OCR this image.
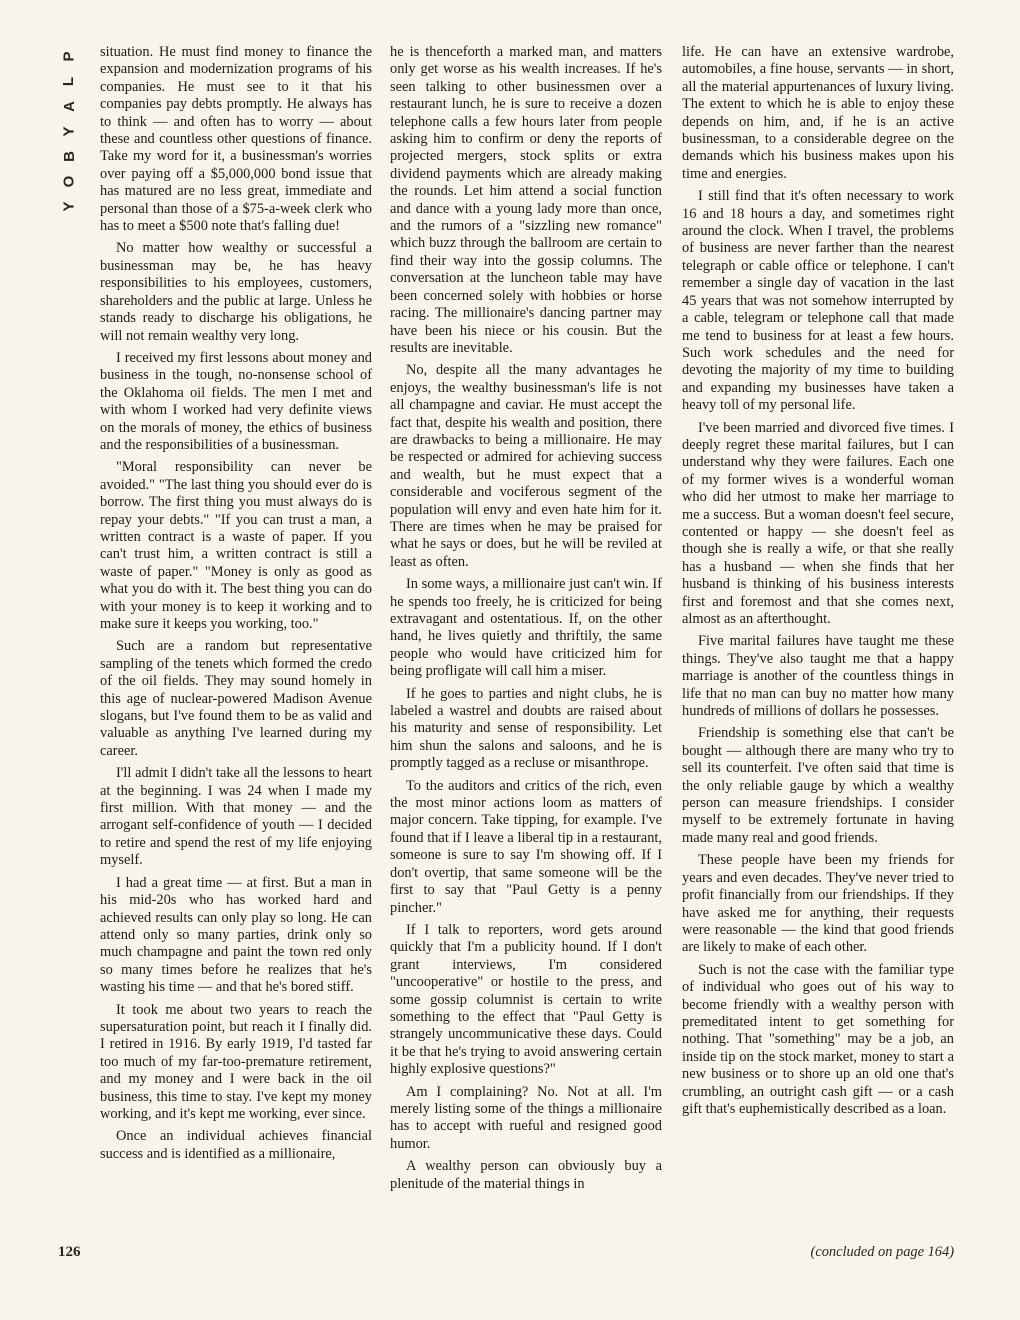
P
L
A
Y
B
O
Y

situation. He must find money to finance the expansion and modernization programs of his companies. He must see to it that his companies pay debts promptly. He always has to think — and often has to worry — about these and countless other questions of finance. Take my word for it, a businessman's worries over paying off a $5,000,000 bond issue that has matured are no less great, immediate and personal than those of a $75-a-week clerk who has to meet a $500 note that's falling due!

No matter how wealthy or successful a businessman may be, he has heavy responsibilities to his employees, customers, shareholders and the public at large. Unless he stands ready to discharge his obligations, he will not remain wealthy very long.

I received my first lessons about money and business in the tough, no-nonsense school of the Oklahoma oil fields. The men I met and with whom I worked had very definite views on the morals of money, the ethics of business and the responsibilities of a businessman.

"Moral responsibility can never be avoided." "The last thing you should ever do is borrow. The first thing you must always do is repay your debts." "If you can trust a man, a written contract is a waste of paper. If you can't trust him, a written contract is still a waste of paper." "Money is only as good as what you do with it. The best thing you can do with your money is to keep it working and to make sure it keeps you working, too."

Such are a random but representative sampling of the tenets which formed the credo of the oil fields. They may sound homely in this age of nuclear-powered Madison Avenue slogans, but I've found them to be as valid and valuable as anything I've learned during my career.

I'll admit I didn't take all the lessons to heart at the beginning. I was 24 when I made my first million. With that money — and the arrogant self-confidence of youth — I decided to retire and spend the rest of my life enjoying myself.

I had a great time — at first. But a man in his mid-20s who has worked hard and achieved results can only play so long. He can attend only so many parties, drink only so much champagne and paint the town red only so many times before he realizes that he's wasting his time — and that he's bored stiff.

It took me about two years to reach the supersaturation point, but reach it I finally did. I retired in 1916. By early 1919, I'd tasted far too much of my far-too-premature retirement, and my money and I were back in the oil business, this time to stay. I've kept my money working, and it's kept me working, ever since.

Once an individual achieves financial success and is identified as a millionaire,

he is thenceforth a marked man, and matters only get worse as his wealth increases. If he's seen talking to other businessmen over a restaurant lunch, he is sure to receive a dozen telephone calls a few hours later from people asking him to confirm or deny the reports of projected mergers, stock splits or extra dividend payments which are already making the rounds. Let him attend a social function and dance with a young lady more than once, and the rumors of a "sizzling new romance" which buzz through the ballroom are certain to find their way into the gossip columns. The conversation at the luncheon table may have been concerned solely with hobbies or horse racing. The millionaire's dancing partner may have been his niece or his cousin. But the results are inevitable.

No, despite all the many advantages he enjoys, the wealthy businessman's life is not all champagne and caviar. He must accept the fact that, despite his wealth and position, there are drawbacks to being a millionaire. He may be respected or admired for achieving success and wealth, but he must expect that a considerable and vociferous segment of the population will envy and even hate him for it. There are times when he may be praised for what he says or does, but he will be reviled at least as often.

In some ways, a millionaire just can't win. If he spends too freely, he is criticized for being extravagant and ostentatious. If, on the other hand, he lives quietly and thriftily, the same people who would have criticized him for being profligate will call him a miser.

If he goes to parties and night clubs, he is labeled a wastrel and doubts are raised about his maturity and sense of responsibility. Let him shun the salons and saloons, and he is promptly tagged as a recluse or misanthrope.

To the auditors and critics of the rich, even the most minor actions loom as matters of major concern. Take tipping, for example. I've found that if I leave a liberal tip in a restaurant, someone is sure to say I'm showing off. If I don't overtip, that same someone will be the first to say that "Paul Getty is a penny pincher."

If I talk to reporters, word gets around quickly that I'm a publicity hound. If I don't grant interviews, I'm considered "uncooperative" or hostile to the press, and some gossip columnist is certain to write something to the effect that "Paul Getty is strangely uncommunicative these days. Could it be that he's trying to avoid answering certain highly explosive questions?"

Am I complaining? No. Not at all. I'm merely listing some of the things a millionaire has to accept with rueful and resigned good humor.

A wealthy person can obviously buy a plenitude of the material things in

life. He can have an extensive wardrobe, automobiles, a fine house, servants — in short, all the material appurtenances of luxury living. The extent to which he is able to enjoy these depends on him, and, if he is an active businessman, to a considerable degree on the demands which his business makes upon his time and energies.

I still find that it's often necessary to work 16 and 18 hours a day, and sometimes right around the clock. When I travel, the problems of business are never farther than the nearest telegraph or cable office or telephone. I can't remember a single day of vacation in the last 45 years that was not somehow interrupted by a cable, telegram or telephone call that made me tend to business for at least a few hours. Such work schedules and the need for devoting the majority of my time to building and expanding my businesses have taken a heavy toll of my personal life.

I've been married and divorced five times. I deeply regret these marital failures, but I can understand why they were failures. Each one of my former wives is a wonderful woman who did her utmost to make her marriage to me a success. But a woman doesn't feel secure, contented or happy — she doesn't feel as though she is really a wife, or that she really has a husband — when she finds that her husband is thinking of his business interests first and foremost and that she comes next, almost as an afterthought.

Five marital failures have taught me these things. They've also taught me that a happy marriage is another of the countless things in life that no man can buy no matter how many hundreds of millions of dollars he possesses.

Friendship is something else that can't be bought — although there are many who try to sell its counterfeit. I've often said that time is the only reliable gauge by which a wealthy person can measure friendships. I consider myself to be extremely fortunate in having made many real and good friends.

These people have been my friends for years and even decades. They've never tried to profit financially from our friendships. If they have asked me for anything, their requests were reasonable — the kind that good friends are likely to make of each other.

Such is not the case with the familiar type of individual who goes out of his way to become friendly with a wealthy person with premeditated intent to get something for nothing. That "something" may be a job, an inside tip on the stock market, money to start a new business or to shore up an old one that's crumbling, an outright cash gift — or a cash gift that's euphemistically described as a loan.

126	(concluded on page 164)
